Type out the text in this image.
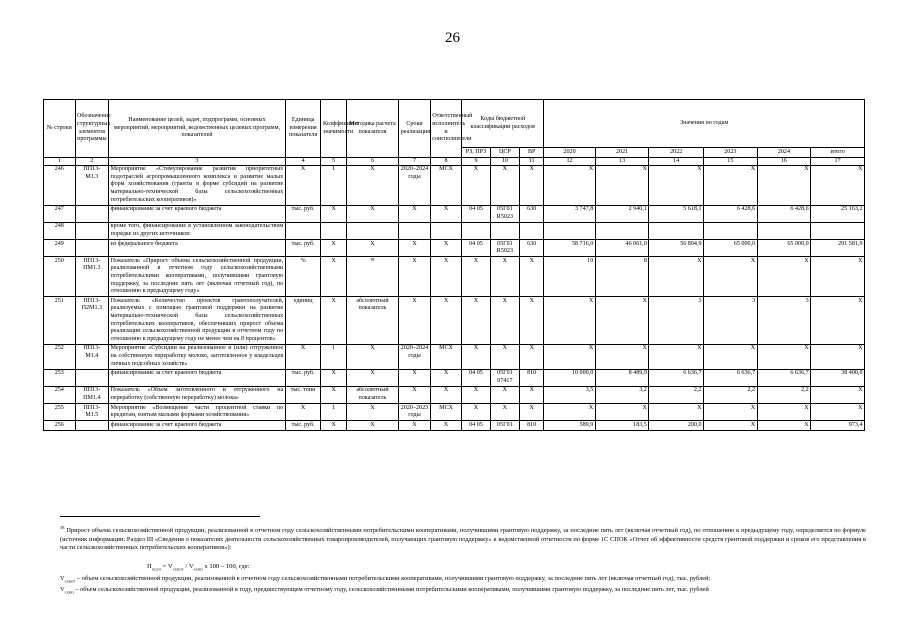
26
№ строки	Обозначение структурных элементов программы	Наименование целей, задач, подпрограмм, основных мероприятий, мероприятий, ведомственных целевых программ, показателей	Единица измерения показателя	Коэффициент значимости	Методика расчета показателя	Сроки реализации	Ответственный исполнитель и соисполнители	Коды бюджетной классификации расходов			Значения по годам					
								РЗ, ПРЗ	ЦСР	ВР	2020	2021	2022	2023	2024	итого
1	2	3	4	5	6	7	8	9	10	11	12	13	14	15	16	17
246	ПП13-М1.3	Мероприятие «Стимулирование развития приоритетных подотраслей агропромышленного комплекса и развитие малых форм хозяйствования (гранты в форме субсидий на развитие материально-технической базы сельскохозяйственных потребительских кооперативов)»	X	1	X	2020–2024 годы	МСХ	X	X	X	X	X	X	X	X	X
247		финансирование за счет краевого бюджета	тыс. руб.	X	X	X	X	04 05	05Г01 R5023	630	3 747,8	2 940,1	5 618,1	6 428,6	6 428,6	25 163,2
248		кроме того, финансирование в установленном законодательством порядке из других источников:														
249		из федерального бюджета	тыс. руб.	X	X	X	X	04 05	05Г01 R5023	630	58 716,0	46 061,0	56 804,9	65 000,0	65 000,0	291 581,9
250	ПП13-ПМ1.3	Показатель «Прирост объема сельскохозяйственной продукции, реализованной в отчетном году сельскохозяйственными потребительскими кооперативами, получившими грантовую поддержку, за последние пять лет (включая отчетный год), по отношению к предыдущему году»	%	X	³⁸	X	X	X	X	X	10	8	X	X	X	X
251	ПП13-П2М1.3	Показатель «Количество проектов грантополучателей, реализуемых с помощью грантовой поддержки на развитие материально-технической базы сельскохозяйственных потребительских кооперативов, обеспечивших прирост объема реализации сельскохозяйственной продукции в отчетном году по отношению к предыдущему году не менее чем на 8 процентов»	единиц	X	абсолютный показатель	X	X	X	X	X	X	X	3	3	3	X
252	ПП13-М1.4	Мероприятие «Субсидии на реализованное и (или) отгруженное на собственную переработку молоко, заготовленное у владельцев личных подсобных хозяйств»	X	1	X	2020–2024 годы	МСХ	X	X	X	X	X	X	X	X	X
253		финансирование за счет краевого бюджета	тыс. руб.	X	X	X	X	04 05	05Г01 07417	810	10 000,0	8 489,9	6 636,7	6 636,7	6 636,7	38 400,0
254	ПП13-ПМ1.4	Показатель «Объем заготовленного и отгруженного на переработку (собственную переработку) молока»	тыс. тонн	X	абсолютный показатель	X	X	X	X	X	3,5	3,2	2,2	2,2	2,2	X
255	ПП13-М1.5	Мероприятие «Возмещение части процентной ставки по кредитам, взятым малыми формами хозяйствования»	X	1	X	2020–2023 годы	МСХ	X	X	X	X	X	X	X	X	X
256		финансирование за счет краевого бюджета	тыс. руб.	X	X	X	X	04 05	05Г01	810	589,9	183,5	200,0	X	X	973,4
$^{38}$ Прирост объема сельскохозяйственной продукции, реализованной в отчетном году сельскохозяйственными потребительскими кооперативами, получившими грантовую поддержку, за последние пять лет (включая отчетный год), по отношению к предыдущему году, определяется по формуле (источник информации: Раздел III «Сведения о показателях деятельности сельскохозяйственных товаропроизводителей, получающих грантовую поддержку» к ведомственной отчетности по форме 1С СПОК «Отчет об эффективности средств грантовой поддержки и сроков его представления в части сельскохозяйственных потребительских кооперативов»):
$П_{осхп} = V_{схпот} / V_{схпп}$ х 100 – 100, где:
$V_{схпот}$ – объем сельскохозяйственной продукции, реализованной в отчетном году сельскохозяйственными потребительскими кооперативами, получившими грантовую поддержку, за последние пять лет (включая отчетный год), тыс. рублей;
$V_{схпп}$ – объем сельскохозяйственной продукции, реализованной в году, предшествующем отчетному году, сельскохозяйственными потребительскими кооперативами, получившими грантовую поддержку, за последние пять лет, тыс. рублей
